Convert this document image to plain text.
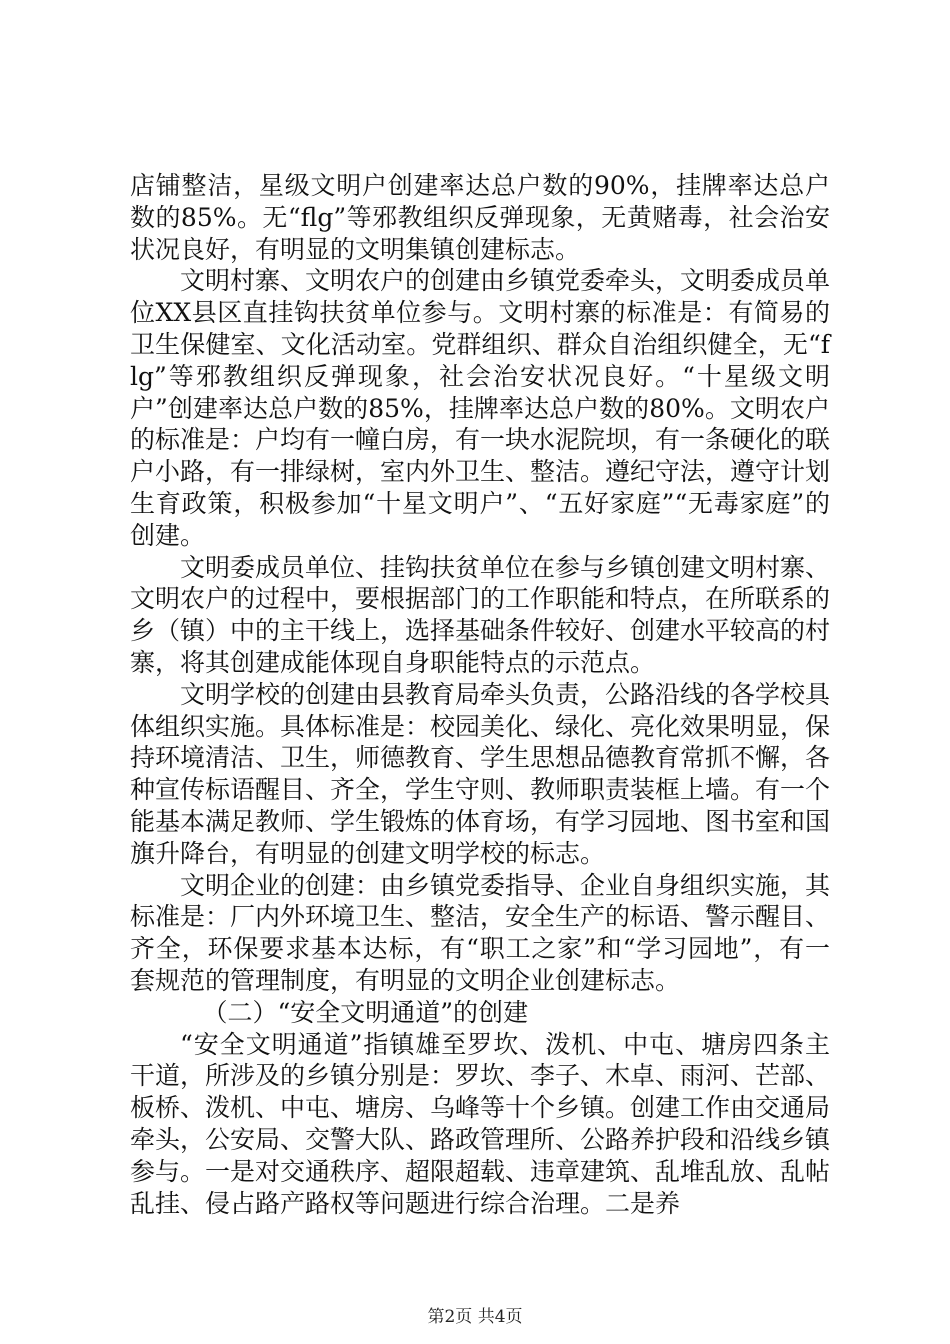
店铺整洁，星级文明户创建率达总户数的90%，挂牌率达总户数的85%。无“flg”等邪教组织反弹现象，无黄赌毒，社会治安状况良好，有明显的文明集镇创建标志。

文明村寨、文明农户的创建由乡镇党委牵头，文明委成员单位XX县区直挂钩扶贫单位参与。文明村寨的标准是：有简易的卫生保健室、文化活动室。党群组织、群众自治组织健全，无“flg”等邪教组织反弹现象，社会治安状况良好。“十星级文明户”创建率达总户数的85%，挂牌率达总户数的80%。文明农户的标准是：户均有一幢白房，有一块水泥院坝，有一条硬化的联户小路，有一排绿树，室内外卫生、整洁。遵纪守法，遵守计划生育政策，积极参加“十星文明户”、“五好家庭”“无毒家庭”的创建。

文明委成员单位、挂钩扶贫单位在参与乡镇创建文明村寨、文明农户的过程中，要根据部门的工作职能和特点，在所联系的乡（镇）中的主干线上，选择基础条件较好、创建水平较高的村寨，将其创建成能体现自身职能特点的示范点。

文明学校的创建由县教育局牵头负责，公路沿线的各学校具体组织实施。具体标准是：校园美化、绿化、亮化效果明显，保持环境清洁、卫生，师德教育、学生思想品德教育常抓不懈，各种宣传标语醒目、齐全，学生守则、教师职责装框上墙。有一个能基本满足教师、学生锻炼的体育场，有学习园地、图书室和国旗升降台，有明显的创建文明学校的标志。

文明企业的创建：由乡镇党委指导、企业自身组织实施，其标准是：厂内外环境卫生、整洁，安全生产的标语、警示醒目、齐全，环保要求基本达标，有“职工之家”和“学习园地”，有一套规范的管理制度，有明显的文明企业创建标志。

（二）“安全文明通道”的创建

“安全文明通道”指镇雄至罗坎、泼机、中屯、塘房四条主干道，所涉及的乡镇分别是：罗坎、李子、木卓、雨河、芒部、板桥、泼机、中屯、塘房、乌峰等十个乡镇。创建工作由交通局牵头，公安局、交警大队、路政管理所、公路养护段和沿线乡镇参与。一是对交通秩序、超限超载、违章建筑、乱堆乱放、乱帖乱挂、侵占路产路权等问题进行综合治理。二是养

第2页 共4页
